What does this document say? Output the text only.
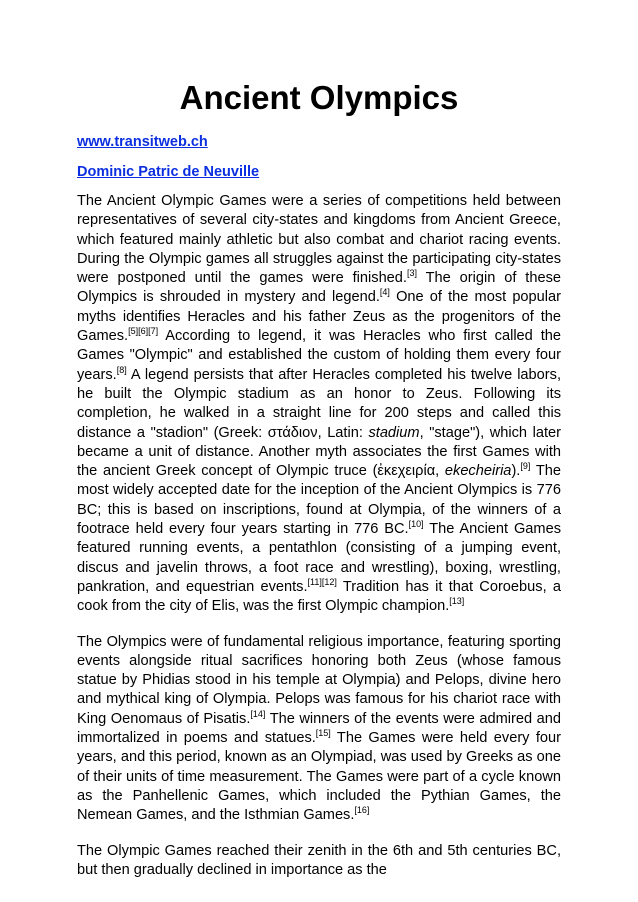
Ancient Olympics
www.transitweb.ch
Dominic Patric de Neuville

The Ancient Olympic Games were a series of competitions held between representatives of several city-states and kingdoms from Ancient Greece, which featured mainly athletic but also combat and chariot racing events. During the Olympic games all struggles against the participating city-states were postponed until the games were finished.[3] The origin of these Olympics is shrouded in mystery and legend.[4] One of the most popular myths identifies Heracles and his father Zeus as the progenitors of the Games.[5][6][7] According to legend, it was Heracles who first called the Games "Olympic" and established the custom of holding them every four years.[8] A legend persists that after Heracles completed his twelve labors, he built the Olympic stadium as an honor to Zeus. Following its completion, he walked in a straight line for 200 steps and called this distance a "stadion" (Greek: στάδιον, Latin: stadium, "stage"), which later became a unit of distance. Another myth associates the first Games with the ancient Greek concept of Olympic truce (ἐκεχειρία, ekecheiria).[9] The most widely accepted date for the inception of the Ancient Olympics is 776 BC; this is based on inscriptions, found at Olympia, of the winners of a footrace held every four years starting in 776 BC.[10] The Ancient Games featured running events, a pentathlon (consisting of a jumping event, discus and javelin throws, a foot race and wrestling), boxing, wrestling, pankration, and equestrian events.[11][12] Tradition has it that Coroebus, a cook from the city of Elis, was the first Olympic champion.[13]

The Olympics were of fundamental religious importance, featuring sporting events alongside ritual sacrifices honoring both Zeus (whose famous statue by Phidias stood in his temple at Olympia) and Pelops, divine hero and mythical king of Olympia. Pelops was famous for his chariot race with King Oenomaus of Pisatis.[14] The winners of the events were admired and immortalized in poems and statues.[15] The Games were held every four years, and this period, known as an Olympiad, was used by Greeks as one of their units of time measurement. The Games were part of a cycle known as the Panhellenic Games, which included the Pythian Games, the Nemean Games, and the Isthmian Games.[16]

The Olympic Games reached their zenith in the 6th and 5th centuries BC, but then gradually declined in importance as the
